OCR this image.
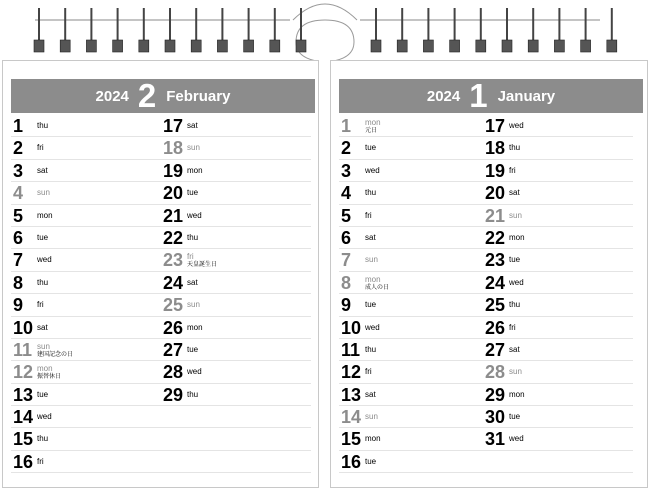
2024 2 February
1 thu
2 fri
3 sat
4 sun
5 mon
6 tue
7 wed
8 thu
9 fri
10 sat
11 sun
建国記念の日
12 mon
振替休日
13 tue
14 wed
15 thu
16 fri
17 sat
18 sun
19 mon
20 tue
21 wed
22 thu
23 fri
天皇誕生日
24 sat
25 sun
26 mon
27 tue
28 wed
29 thu
2024 1 January
1 mon
元日
2 tue
3 wed
4 thu
5 fri
6 sat
7 sun
8 mon
成人の日
9 tue
10 wed
11 thu
12 fri
13 sat
14 sun
15 mon
16 tue
17 wed
18 thu
19 fri
20 sat
21 sun
22 mon
23 tue
24 wed
25 thu
26 fri
27 sat
28 sun
29 mon
30 tue
31 wed
